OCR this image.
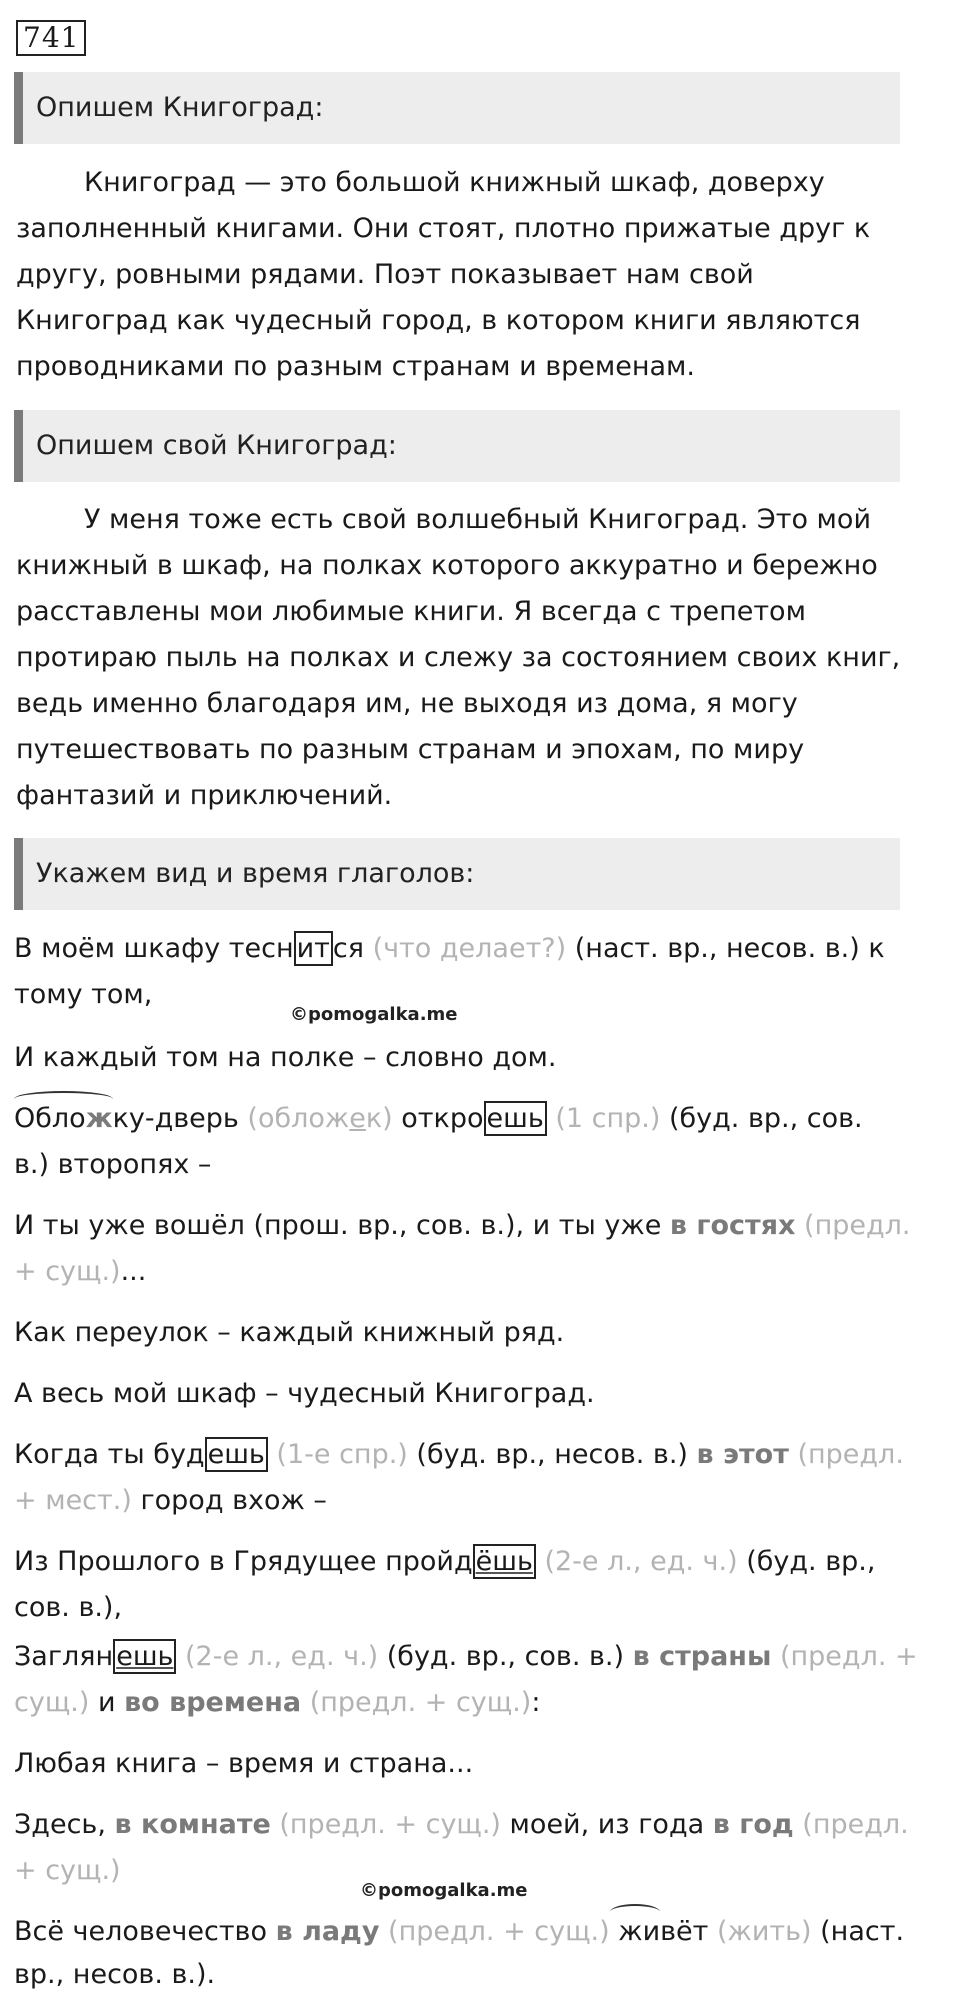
741
Опишем Книгоград:

Книгоград — это большой книжный шкаф, доверху заполненный книгами. Они стоят, плотно прижатые друг к другу, ровными рядами. Поэт показывает нам свой Книгоград как чудесный город, в котором книги являются проводниками по разным странам и временам.

Опишем свой Книгоград:

У меня тоже есть свой волшебный Книгоград. Это мой книжный в шкаф, на полках которого аккуратно и бережно расставлены мои любимые книги. Я всегда с трепетом протираю пыль на полках и слежу за состоянием своих книг, ведь именно благодаря им, не выходя из дома, я могу путешествовать по разным странам и эпохам, по миру фантазий и приключений.

Укажем вид и время глаголов:
В моём шкафу тесн ит ся (что делает?) (наст. вр., несов. в.) к
тому том,
©pomogalka.me
И каждый том на полке – словно дом.
Обложку-дверь (обложек) откро ешь (1 спр.) (буд. вр., сов.
в.) второпях –
И ты уже вошёл (прош. вр., сов. в.), и ты уже в гостях (предл.
+ сущ.)...
Как переулок – каждый книжный ряд.
А весь мой шкаф – чудесный Книгоград.
Когда ты буд ешь (1-е спр.) (буд. вр., несов. в.) в этот (предл.
+ мест.) город вхож –
Из Прошлого в Грядущее пройд ёшь (2-е л., ед. ч.) (буд. вр.,
сов. в.),
Заглян ешь (2-е л., ед. ч.) (буд. вр., сов. в.) в страны (предл. +
сущ.) и во времена (предл. + сущ.):
Любая книга – время и страна...
Здесь, в комнате (предл. + сущ.) моей, из года в год (предл.
+ сущ.)
©pomogalka.me
Всё человечество в ладу (предл. + сущ.) живёт (жить) (наст.
вр., несов. в.).
